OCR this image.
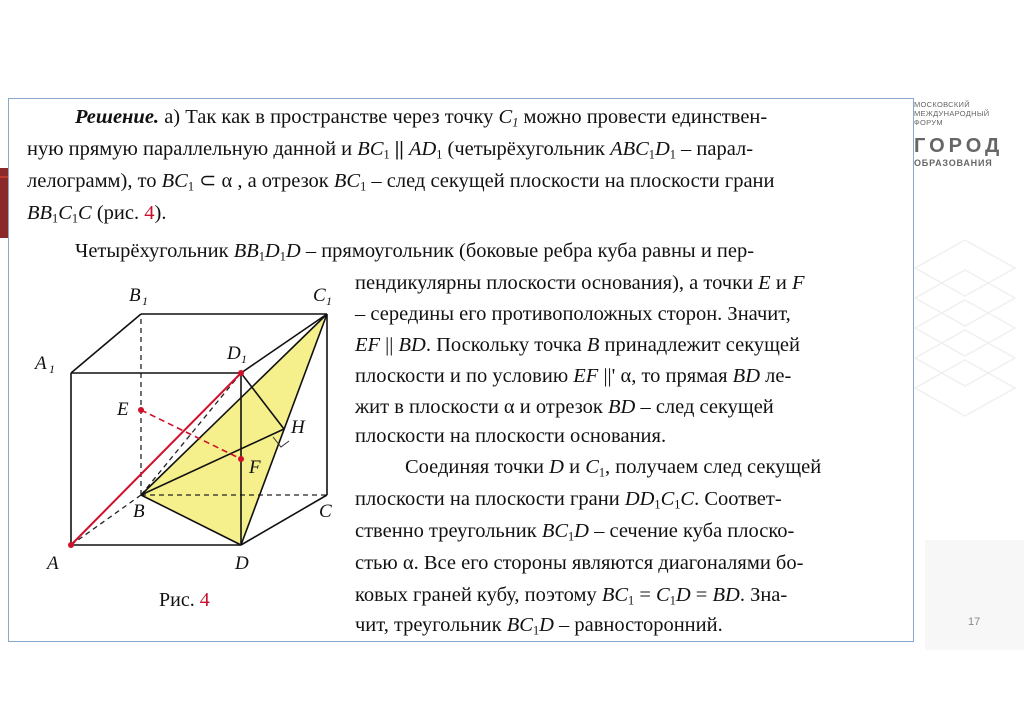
МОСКОВСКИЙ
МЕЖДУНАРОДНЫЙ
ФОРУМ
ГОРОД
ОБРАЗОВАНИЯ
17
Решение. а) Так как в пространстве через точку $C_1$ можно провести единствен-
ную прямую параллельную данной и $BC_1$ || $AD_1$ (четырёхугольник $ABC_1D_1$ – парал-
лелограмм), то $BC_1$ ⊂ α , а отрезок $BC_1$ – след секущей плоскости на плоскости грани
$BB_1C_1C$ (рис. 4).
Четырёхугольник $BB_1D_1D$ – прямоугольник (боковые ребра куба равны и пер-
пендикулярны плоскости основания), а точки E и F
– середины его противоположных сторон. Значит,
EF || BD. Поскольку точка B принадлежит секущей
плоскости и по условию EF ||' α, то прямая BD ле-
жит в плоскости α и отрезок BD – след секущей
плоскости на плоскости основания.
Соединяя точки D и $C_1$, получаем след секущей
плоскости на плоскости грани $DD_1C_1C$. Соответ-
ственно треугольник $BC_1D$ – сечение куба плоско-
стью α. Все его стороны являются диагоналями бо-
ковых граней кубу, поэтому $BC_1 = C_1D$ = BD. Зна-
чит, треугольник $BC_1D$ – равносторонний.
B 1	C 1
A 1
D 1
E
F
H
B	C
A	D
Рис. 4
